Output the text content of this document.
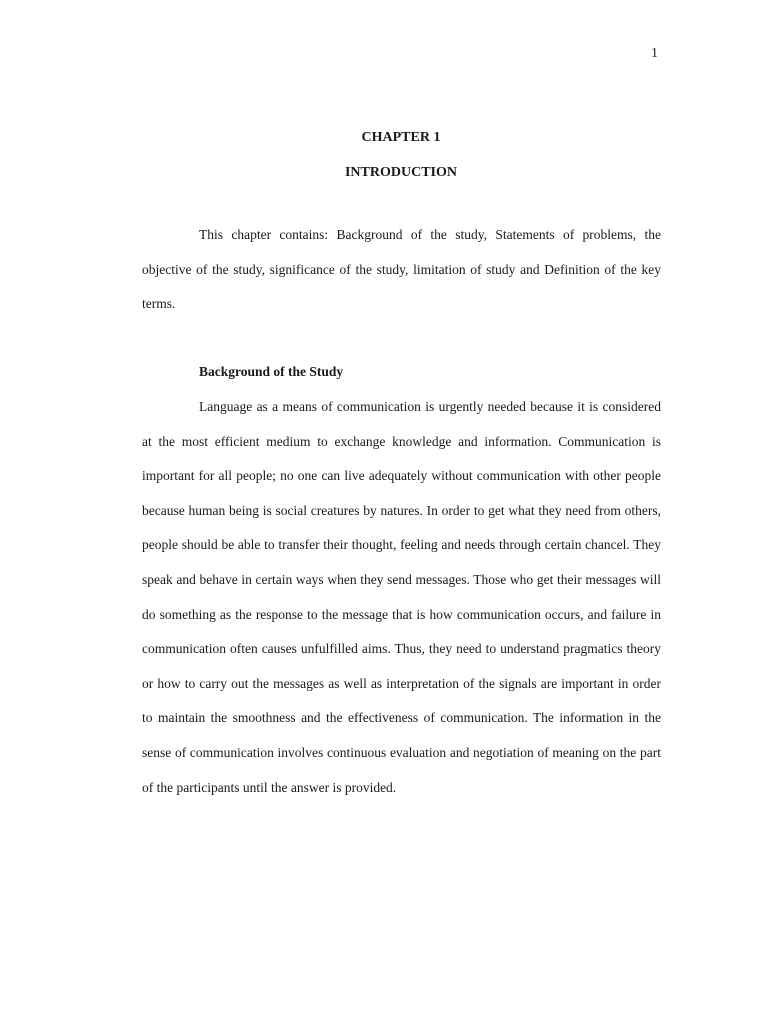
1
CHAPTER 1
INTRODUCTION

This chapter contains: Background of the study, Statements of problems, the objective of the study, significance of the study, limitation of study and Definition of the key terms.

Background of the Study

Language as a means of communication is urgently needed because it is considered at the most efficient medium to exchange knowledge and information. Communication is important for all people; no one can live adequately without communication with other people because human being is social creatures by natures. In order to get what they need from others, people should be able to transfer their thought, feeling and needs through certain chancel. They speak and behave in certain ways when they send messages. Those who get their messages will do something as the response to the message that is how communication occurs, and failure in communication often causes unfulfilled aims. Thus, they need to understand pragmatics theory or how to carry out the messages as well as interpretation of the signals are important in order to maintain the smoothness and the effectiveness of communication. The information in the sense of communication involves continuous evaluation and negotiation of meaning on the part of the participants until the answer is provided.
